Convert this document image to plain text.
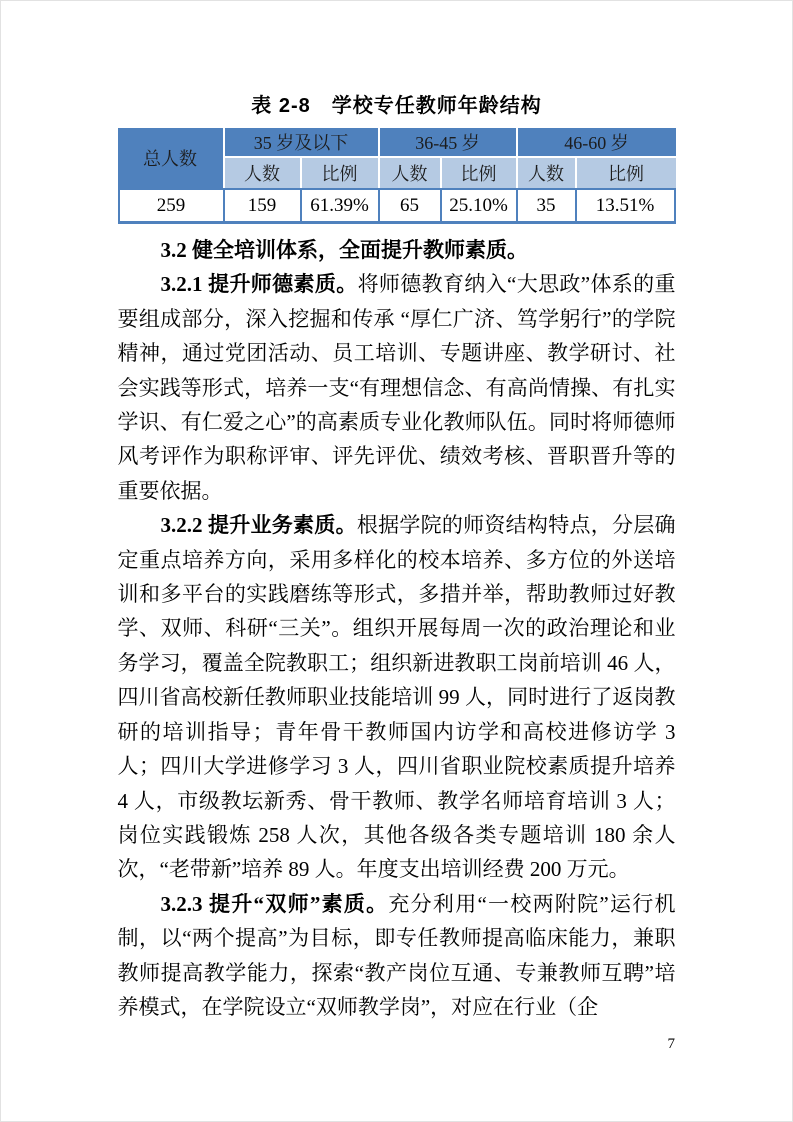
表 2-8　学校专任教师年龄结构
总人数	35 岁及以下		36-45 岁		46-60 岁	
	人数	比例	人数	比例	人数	比例
259	159	61.39%	65	25.10%	35	13.51%

3.2 健全培训体系，全面提升教师素质。

3.2.1 提升师德素质。将师德教育纳入“大思政”体系的重要组成部分，深入挖掘和传承 “厚仁广济、笃学躬行”的学院精神，通过党团活动、员工培训、专题讲座、教学研讨、社会实践等形式，培养一支“有理想信念、有高尚情操、有扎实学识、有仁爱之心”的高素质专业化教师队伍。同时将师德师风考评作为职称评审、评先评优、绩效考核、晋职晋升等的重要依据。

3.2.2 提升业务素质。根据学院的师资结构特点，分层确定重点培养方向，采用多样化的校本培养、多方位的外送培训和多平台的实践磨练等形式，多措并举，帮助教师过好教学、双师、科研“三关”。组织开展每周一次的政治理论和业务学习，覆盖全院教职工；组织新进教职工岗前培训 46 人，四川省高校新任教师职业技能培训 99 人，同时进行了返岗教研的培训指导；青年骨干教师国内访学和高校进修访学 3 人；四川大学进修学习 3 人，四川省职业院校素质提升培养 4 人，市级教坛新秀、骨干教师、教学名师培育培训 3 人；岗位实践锻炼 258 人次，其他各级各类专题培训 180 余人次，“老带新”培养 89 人。年度支出培训经费 200 万元。

3.2.3 提升“双师”素质。充分利用“一校两附院”运行机制，以“两个提高”为目标，即专任教师提高临床能力，兼职教师提高教学能力，探索“教产岗位互通、专兼教师互聘”培养模式，在学院设立“双师教学岗”，对应在行业（企

7
